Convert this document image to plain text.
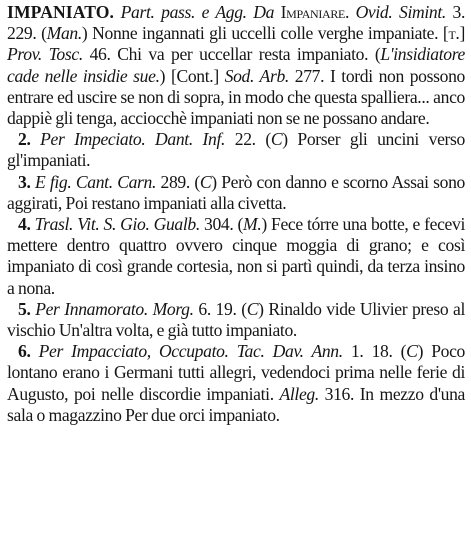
IMPANIATO. Part. pass. e Agg. Da Impaniare. Ovid. Simint. 3. 229. (Man.) Nonne ingannati gli uccelli colle verghe impaniate. [t.] Prov. Tosc. 46. Chi va per uccellar resta impaniato. (L'insidiatore cade nelle insidie sue.) [Cont.] Sod. Arb. 277. I tordi non possono entrare ed uscire se non di sopra, in modo che questa spalliera... anco dappiè gli tenga, acciocchè impaniati non se ne possano andare.

2. Per Impeciato. Dant. Inf. 22. (C) Porser gli uncini verso gl'impaniati.

3. E fig. Cant. Carn. 289. (C) Però con danno e scorno Assai sono aggirati, Poi restano impaniati alla civetta.

4. Trasl. Vit. S. Gio. Gualb. 304. (M.) Fece tórre una botte, e fecevi mettere dentro quattro ovvero cinque moggia di grano; e così impaniato di così grande cortesia, non si partì quindi, da terza insino a nona.

5. Per Innamorato. Morg. 6. 19. (C) Rinaldo vide Ulivier preso al vischio Un'altra volta, e già tutto impaniato.

6. Per Impacciato, Occupato. Tac. Dav. Ann. 1. 18. (C) Poco lontano erano i Germani tutti allegri, vedendoci prima nelle ferie di Augusto, poi nelle discordie impaniati. Alleg. 316. In mezzo d'una sala o magazzino Per due orci impaniato.
